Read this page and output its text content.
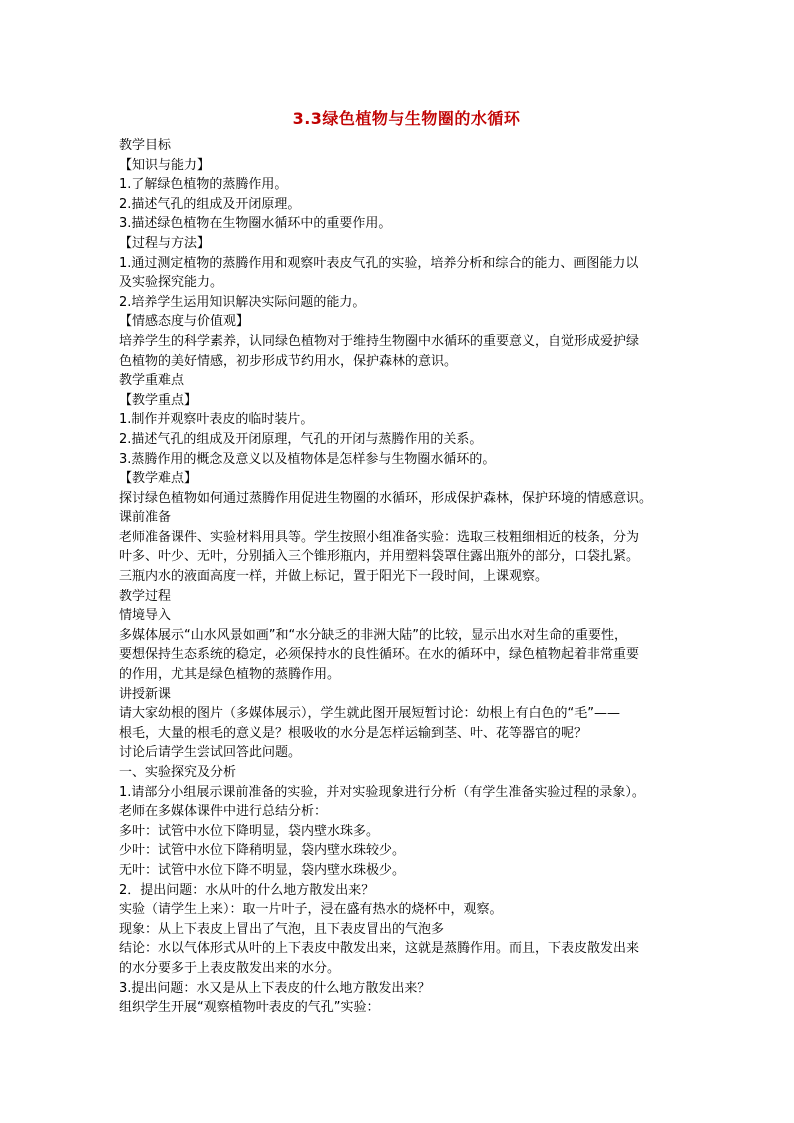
3.3绿色植物与生物圈的水循环
教学目标
【知识与能力】
1.了解绿色植物的蒸腾作用。
2.描述气孔的组成及开闭原理。
3.描述绿色植物在生物圈水循环中的重要作用。
【过程与方法】
1.通过测定植物的蒸腾作用和观察叶表皮气孔的实验，培养分析和综合的能力、画图能力以
及实验探究能力。
2.培养学生运用知识解决实际问题的能力。
【情感态度与价值观】
培养学生的科学素养，认同绿色植物对于维持生物圈中水循环的重要意义，自觉形成爱护绿
色植物的美好情感，初步形成节约用水，保护森林的意识。
教学重难点
【教学重点】
1.制作并观察叶表皮的临时装片。
2.描述气孔的组成及开闭原理，气孔的开闭与蒸腾作用的关系。
3.蒸腾作用的概念及意义以及植物体是怎样参与生物圈水循环的。
【教学难点】
探讨绿色植物如何通过蒸腾作用促进生物圈的水循环，形成保护森林，保护环境的情感意识。
课前准备
老师准备课件、实验材料用具等。学生按照小组准备实验：选取三枝粗细相近的枝条，分为
叶多、叶少、无叶，分别插入三个锥形瓶内，并用塑料袋罩住露出瓶外的部分，口袋扎紧。
三瓶内水的液面高度一样，并做上标记，置于阳光下一段时间，上课观察。
教学过程
情境导入
多媒体展示“山水风景如画”和“水分缺乏的非洲大陆”的比较，显示出水对生命的重要性，
要想保持生态系统的稳定，必须保持水的良性循环。在水的循环中，绿色植物起着非常重要
的作用，尤其是绿色植物的蒸腾作用。
讲授新课
请大家幼根的图片（多媒体展示），学生就此图开展短暂讨论：幼根上有白色的“毛”——
根毛，大量的根毛的意义是？根吸收的水分是怎样运输到茎、叶、花等器官的呢？
讨论后请学生尝试回答此问题。
一、实验探究及分析
1.请部分小组展示课前准备的实验，并对实验现象进行分析（有学生准备实验过程的录象）。
老师在多媒体课件中进行总结分析：
多叶：试管中水位下降明显，袋内壁水珠多。
少叶：试管中水位下降稍明显，袋内壁水珠较少。
无叶：试管中水位下降不明显，袋内壁水珠极少。
2．提出问题：水从叶的什么地方散发出来？
实验（请学生上来）：取一片叶子，浸在盛有热水的烧杯中，观察。
现象：从上下表皮上冒出了气泡，且下表皮冒出的气泡多
结论：水以气体形式从叶的上下表皮中散发出来，这就是蒸腾作用。而且，下表皮散发出来
的水分要多于上表皮散发出来的水分。
3.提出问题：水又是从上下表皮的什么地方散发出来？
组织学生开展“观察植物叶表皮的气孔”实验：
